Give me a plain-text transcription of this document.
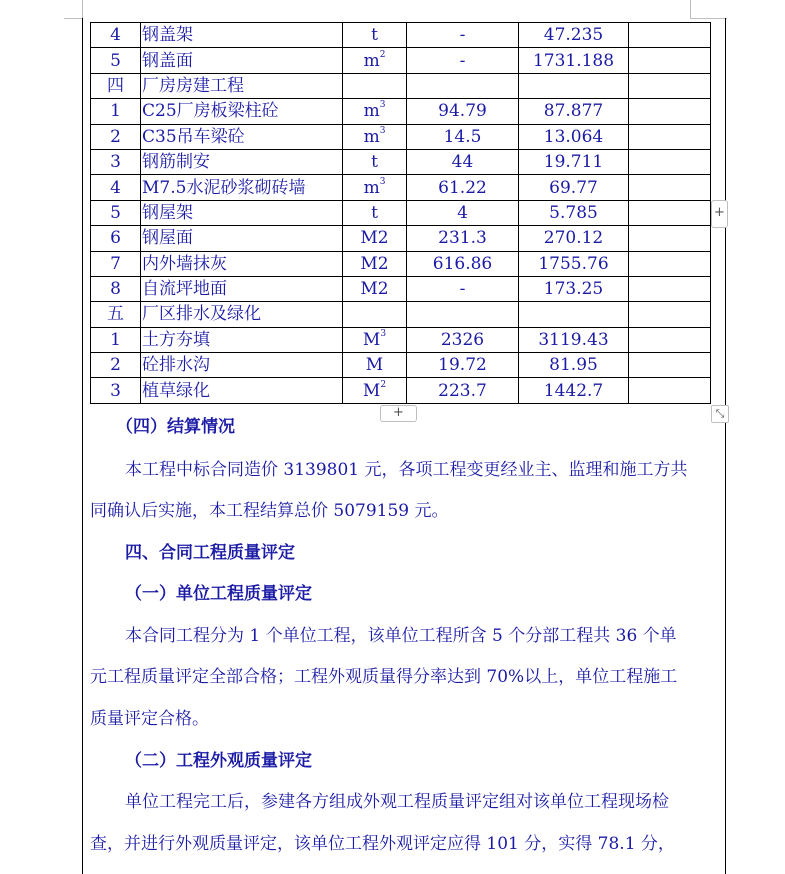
4	钢盖架	t	-	47.235	
5	钢盖面	$m^2$	-	1731.188	
四	厂房房建工程				
1	C25厂房板梁柱砼	$m^3$	94.79	87.877	
2	C35吊车梁砼	$m^3$	14.5	13.064	
3	钢筋制安	t	44	19.711	
4	M7.5水泥砂浆砌砖墙	$m^3$	61.22	69.77	
5	钢屋架	t	4	5.785	
6	钢屋面	M2	231.3	270.12	
7	内外墙抹灰	M2	616.86	1755.76	
8	自流坪地面	M2	-	173.25	
五	厂区排水及绿化				
1	土方夯填	$M^3$	2326	3119.43	
2	砼排水沟	M	19.72	81.95	
3	植草绿化	$M^2$	223.7	1442.7	
+
+	⤡
（四）结算情况
本工程中标合同造价 3139801 元，各项工程变更经业主、监理和施工方共
同确认后实施，本工程结算总价 5079159 元。
四、合同工程质量评定
（一）单位工程质量评定
本合同工程分为 1 个单位工程，该单位工程所含 5 个分部工程共 36 个单
元工程质量评定全部合格；工程外观质量得分率达到 70%以上，单位工程施工
质量评定合格。
（二）工程外观质量评定
单位工程完工后，参建各方组成外观工程质量评定组对该单位工程现场检
查，并进行外观质量评定，该单位工程外观评定应得 101 分，实得 78.1 分，
